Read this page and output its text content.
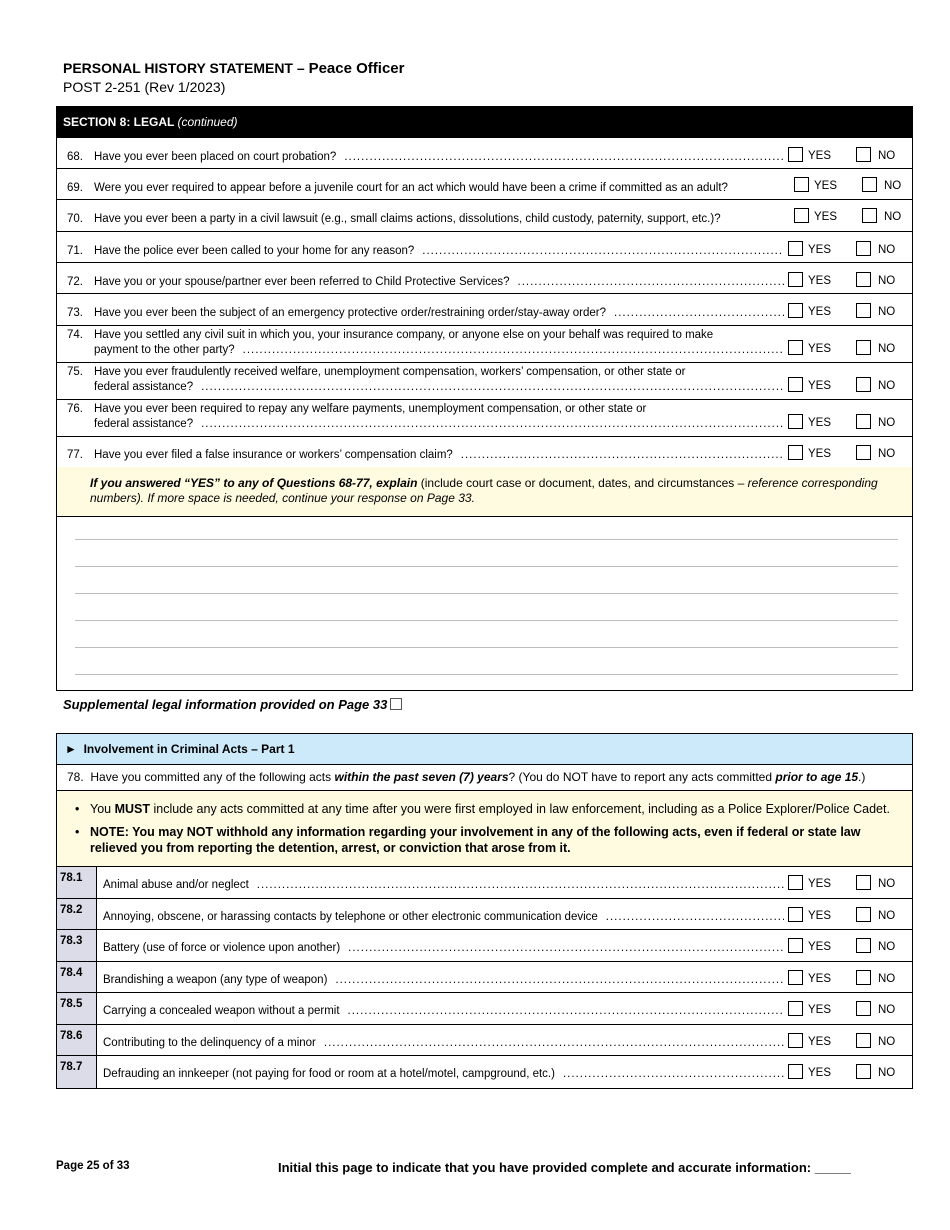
PERSONAL HISTORY STATEMENT – Peace Officer
POST 2-251 (Rev 1/2023)
SECTION 8: LEGAL (continued)
68. Have you ever been placed on court probation? .....	YES	NO
69. Were you ever required to appear before a juvenile court for an act which would have been a crime if committed as an adult?	YES	NO
70. Have you ever been a party in a civil lawsuit (e.g., small claims actions, dissolutions, child custody, paternity, support, etc.)?	YES	NO
71. Have the police ever been called to your home for any reason? .....	YES	NO
72. Have you or your spouse/partner ever been referred to Child Protective Services? .....	YES	NO
73. Have you ever been the subject of an emergency protective order/restraining order/stay-away order? .....	YES	NO
74. Have you settled any civil suit in which you, your insurance company, or anyone else on your behalf was required to make
payment to the other party? .....	YES	NO
75. Have you ever fraudulently received welfare, unemployment compensation, workers’ compensation, or other state or
federal assistance? .....	YES	NO
76. Have you ever been required to repay any welfare payments, unemployment compensation, or other state or
federal assistance? .....	YES	NO
77. Have you ever filed a false insurance or workers’ compensation claim? .....	YES	NO
If you answered “YES” to any of Questions 68-77, explain (include court case or document, dates, and circumstances – reference corresponding numbers). If more space is needed, continue your response on Page 33.
Supplemental legal information provided on Page 33
► Involvement in Criminal Acts – Part 1
78. Have you committed any of the following acts within the past seven (7) years? (You do NOT have to report any acts committed prior to age 15.)
• You MUST include any acts committed at any time after you were first employed in law enforcement, including as a Police Explorer/Police Cadet.
• NOTE: You may NOT withhold any information regarding your involvement in any of the following acts, even if federal or state law relieved you from reporting the detention, arrest, or conviction that arose from it.
78.1
Animal abuse and/or neglect .....	YES	NO
78.2
Annoying, obscene, or harassing contacts by telephone or other electronic communication device .....	YES	NO
78.3
Battery (use of force or violence upon another) .....	YES	NO
78.4
Brandishing a weapon (any type of weapon) .....	YES	NO
78.5
Carrying a concealed weapon without a permit .....	YES	NO
78.6
Contributing to the delinquency of a minor .....	YES	NO
78.7
Defrauding an innkeeper (not paying for food or room at a hotel/motel, campground, etc.) .....	YES	NO
Page 25 of 33	Initial this page to indicate that you have provided complete and accurate information: _____
